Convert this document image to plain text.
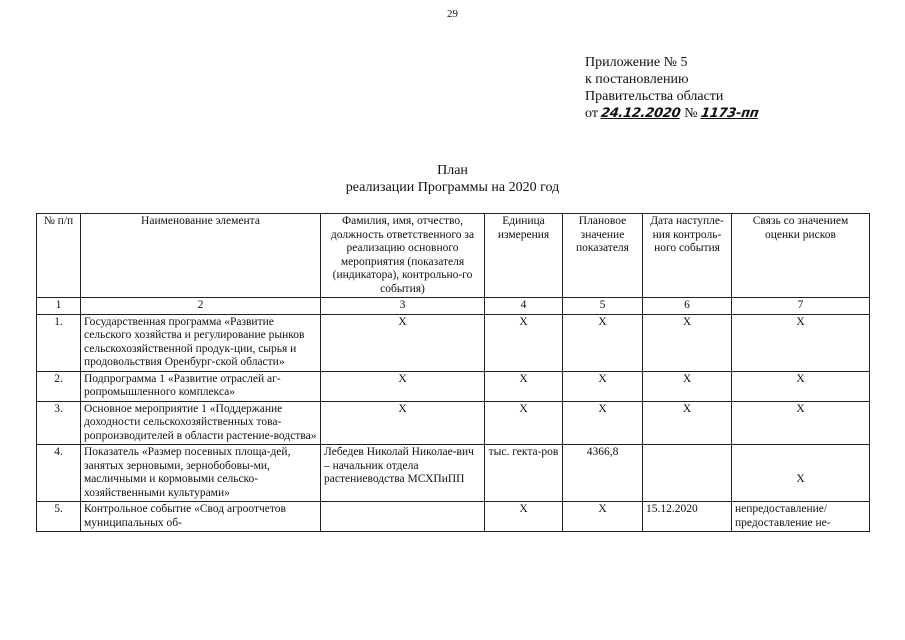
29
Приложение № 5
к постановлению
Правительства области
от 24.12.2020 № 1173-пп
План
реализации Программы на 2020 год
№ п/п	Наименование элемента	Фамилия, имя, отчество, должность ответственного за реализацию основного мероприятия (показателя (индикатора), контрольно-го события)	Единица измерения	Плановое значение показателя	Дата наступле-ния контроль-ного события	Связь со значением оценки рисков
1	2	3	4	5	6	7
1.	Государственная программа «Развитие сельского хозяйства и регулирование рынков сельскохозяйственной продук-ции, сырья и продовольствия Оренбург-ской области»	X	X	X	X	X
2.	Подпрограмма 1 «Развитие отраслей аг-ропромышленного комплекса»	X	X	X	X	X
3.	Основное мероприятие 1 «Поддержание доходности сельскохозяйственных това-ропроизводителей в области растение-водства»	X	X	X	X	X
4.	Показатель «Размер посевных площа-дей, занятых зерновыми, зернобобовы-ми, масличными и кормовыми сельско-хозяйственными культурами»	Лебедев Николай Николае-вич – начальник отдела растениеводства МСХПиПП	тыс. гекта-ров	4366,8		X
5.	Контрольное событие «Свод агроотчетов муниципальных об-		X	X	15.12.2020	непредоставление/ предоставление не-
